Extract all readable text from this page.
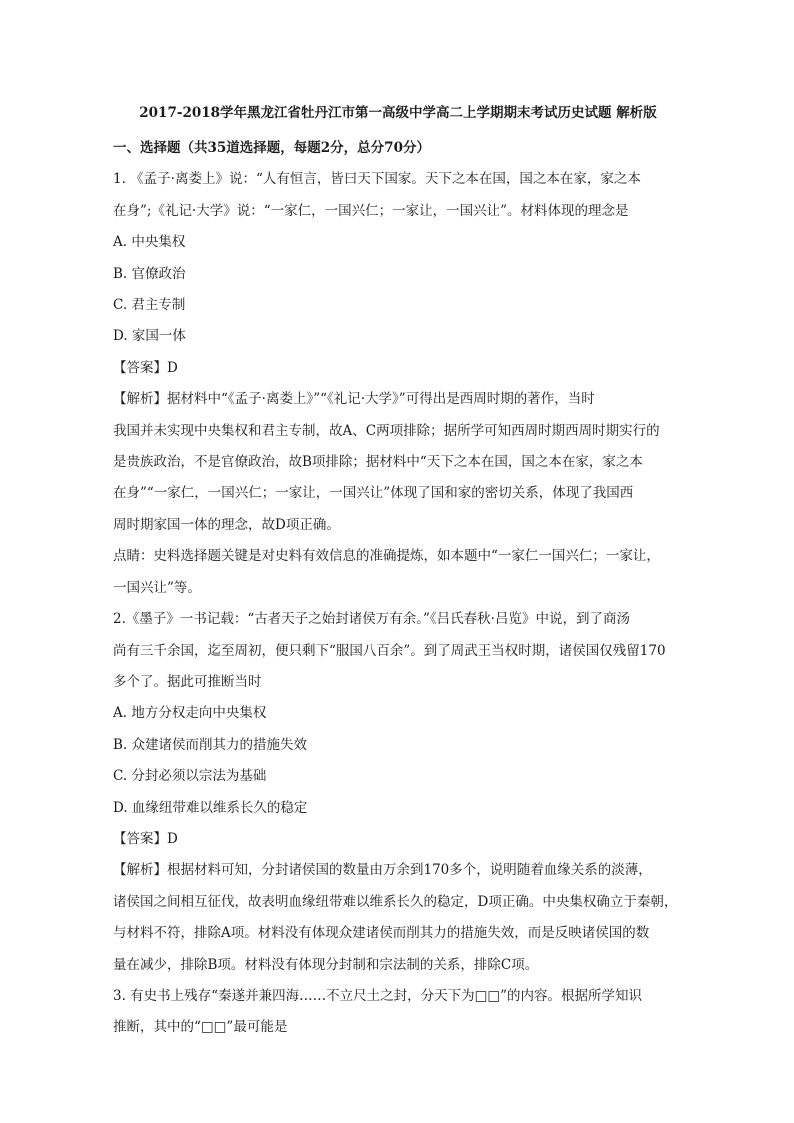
2017-2018学年黑龙江省牡丹江市第一高级中学高二上学期期末考试历史试题 解析版

一、选择题（共35道选择题，每题2分，总分70分）

1. 《孟子·离娄上》说：“人有恒言，皆曰天下国家。天下之本在国，国之本在家，家之本

在身”;《礼记·大学》说：“一家仁，一国兴仁；一家让，一国兴让”。材料体现的理念是

A. 中央集权

B. 官僚政治

C. 君主专制

D. 家国一体

【答案】D

【解析】据材料中“《孟子·离娄上》”“《礼记·大学》”可得出是西周时期的著作，当时

我国并未实现中央集权和君主专制，故A、C两项排除；据所学可知西周时期西周时期实行的

是贵族政治，不是官僚政治，故B项排除；据材料中“天下之本在国，国之本在家，家之本

在身”“一家仁，一国兴仁；一家让，一国兴让”体现了国和家的密切关系，体现了我国西

周时期家国一体的理念，故D项正确。

点睛：史料选择题关键是对史料有效信息的准确提炼，如本题中“一家仁一国兴仁；一家让，

一国兴让”等。

2.《墨子》一书记载：“古者天子之始封诸侯万有余。”《吕氏春秋·吕览》中说，到了商汤

尚有三千余国，迄至周初，便只剩下“服国八百余”。到了周武王当权时期，诸侯国仅残留170

多个了。据此可推断当时

A. 地方分权走向中央集权

B. 众建诸侯而削其力的措施失效

C. 分封必须以宗法为基础

D. 血缘纽带难以维系长久的稳定

【答案】D

【解析】根据材料可知，分封诸侯国的数量由万余到170多个，说明随着血缘关系的淡薄，

诸侯国之间相互征伐，故表明血缘纽带难以维系长久的稳定，D项正确。中央集权确立于秦朝，

与材料不符，排除A项。材料没有体现众建诸侯而削其力的措施失效，而是反映诸侯国的数

量在减少，排除B项。材料没有体现分封制和宗法制的关系，排除C项。

3. 有史书上残存“秦遂并兼四海……不立尺土之封，分天下为□□”的内容。根据所学知识

推断，其中的“□□”最可能是
